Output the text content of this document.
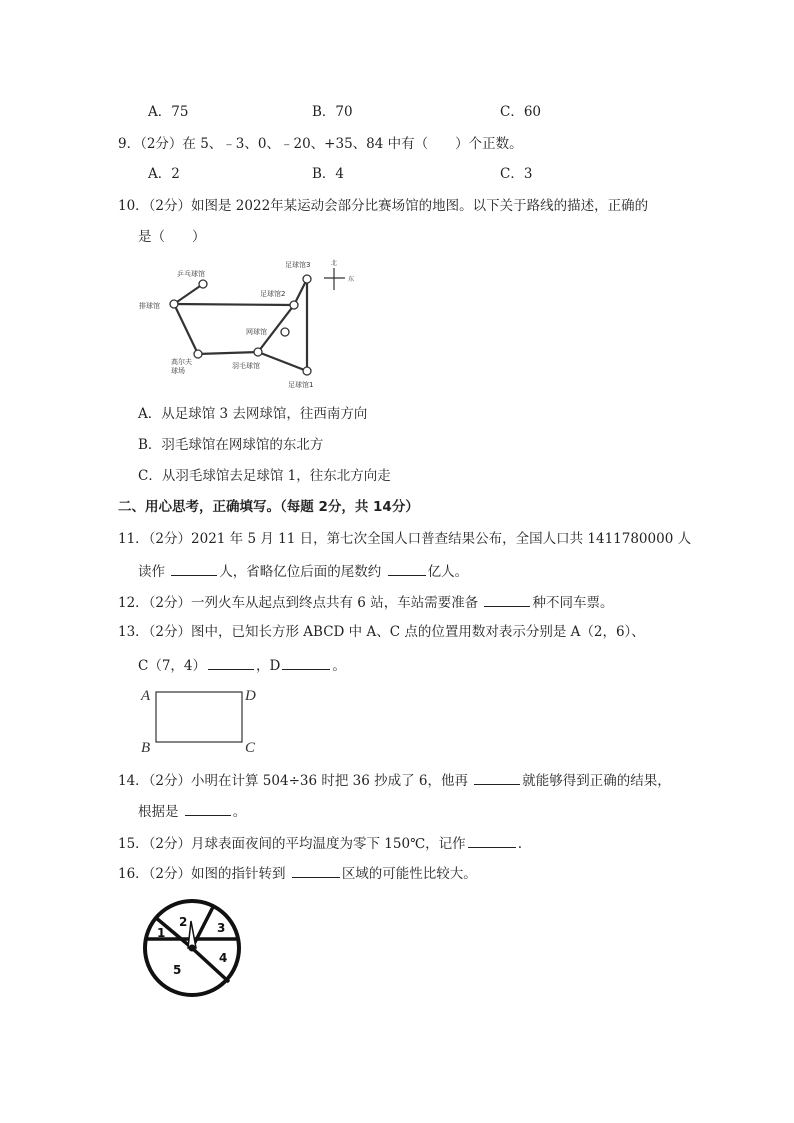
A．75	B．70	C．60
9．（2分）在 5、﹣3、0、﹣20、+35、84 中有（　　）个正数。
A．2	B．4	C．3
10．（2分）如图是 2022年某运动会部分比赛场馆的地图。以下关于路线的描述，正确的
是（　　）
乒乓球馆
排球馆
足球馆3
足球馆2
网球馆
高尔夫
球场
羽毛球馆
足球馆1
北
东
A．从足球馆 3 去网球馆，往西南方向
B．羽毛球馆在网球馆的东北方
C．从羽毛球馆去足球馆 1，往东北方向走
二、用心思考，正确填写。（每题 2分，共 14分）
11．（2分）2021 年 5 月 11 日，第七次全国人口普查结果公布，全国人口共 1411780000 人
读作	人，省略亿位后面的尾数约	亿人。
12．（2分）一列火车从起点到终点共有 6 站，车站需要准备	种不同车票。
13．（2分）图中，已知长方形 ABCD 中 A、C 点的位置用数对表示分别是 A（2，6）、
C（7，4）	，D	。
A	D
B	C
14．（2分）小明在计算 504÷36 时把 36 抄成了 6，他再	就能够得到正确的结果，
根据是	。
15．（2分）月球表面夜间的平均温度为零下 150℃，记作	.
16．（2分）如图的指针转到	区域的可能性比较大。
1
2 3
4
5
